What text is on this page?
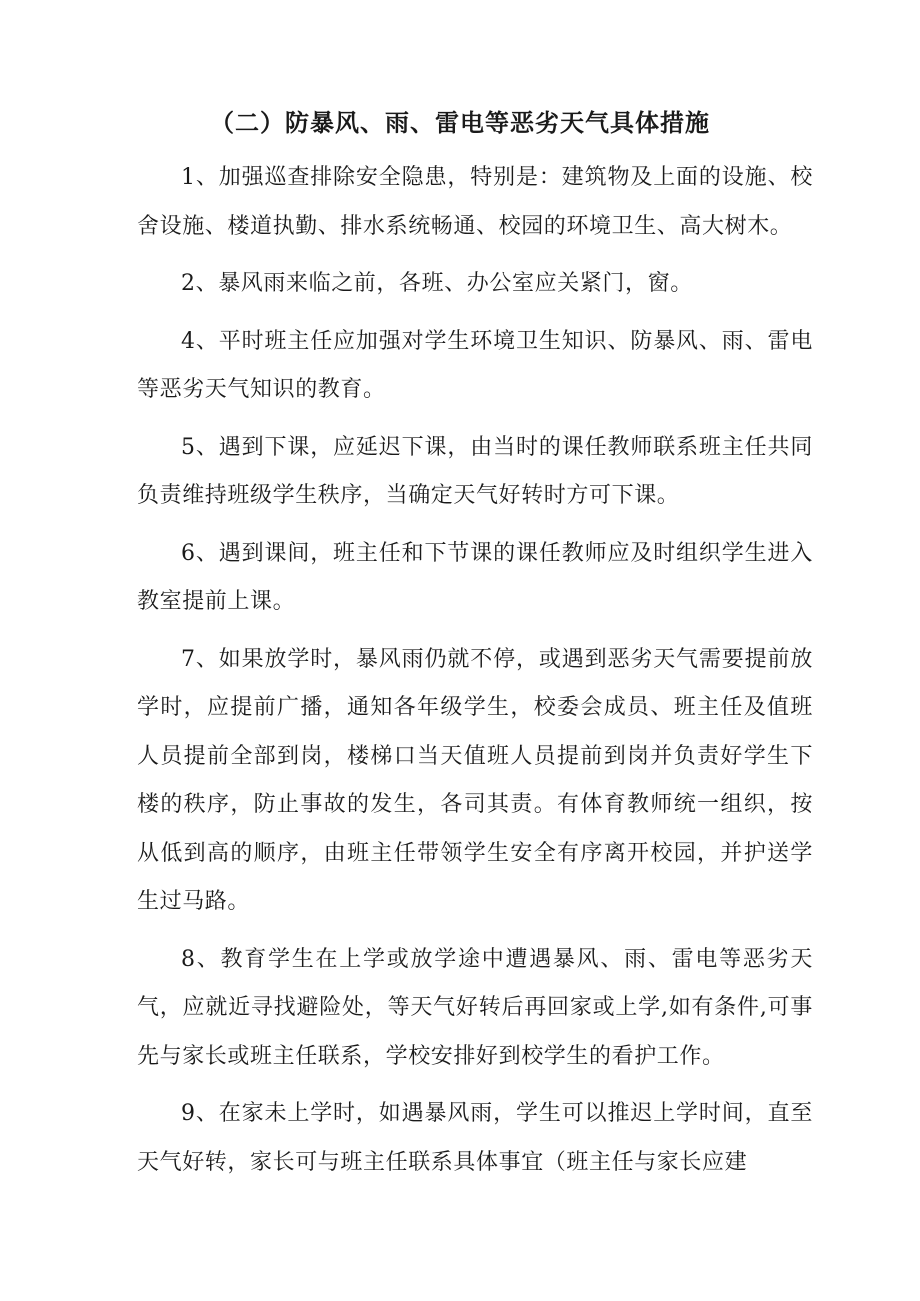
（二）防暴风、雨、雷电等恶劣天气具体措施

1、加强巡查排除安全隐患，特别是：建筑物及上面的设施、校舍设施、楼道执勤、排水系统畅通、校园的环境卫生、高大树木。

2、暴风雨来临之前，各班、办公室应关紧门，窗。

4、平时班主任应加强对学生环境卫生知识、防暴风、雨、雷电等恶劣天气知识的教育。

5、遇到下课，应延迟下课，由当时的课任教师联系班主任共同负责维持班级学生秩序，当确定天气好转时方可下课。

6、遇到课间，班主任和下节课的课任教师应及时组织学生进入教室提前上课。

7、如果放学时，暴风雨仍就不停，或遇到恶劣天气需要提前放学时，应提前广播，通知各年级学生，校委会成员、班主任及值班人员提前全部到岗，楼梯口当天值班人员提前到岗并负责好学生下楼的秩序，防止事故的发生，各司其责。有体育教师统一组织，按从低到高的顺序，由班主任带领学生安全有序离开校园，并护送学生过马路。

8、教育学生在上学或放学途中遭遇暴风、雨、雷电等恶劣天气，应就近寻找避险处，等天气好转后再回家或上学,如有条件,可事先与家长或班主任联系，学校安排好到校学生的看护工作。

9、在家未上学时，如遇暴风雨，学生可以推迟上学时间，直至天气好转，家长可与班主任联系具体事宜（班主任与家长应建
